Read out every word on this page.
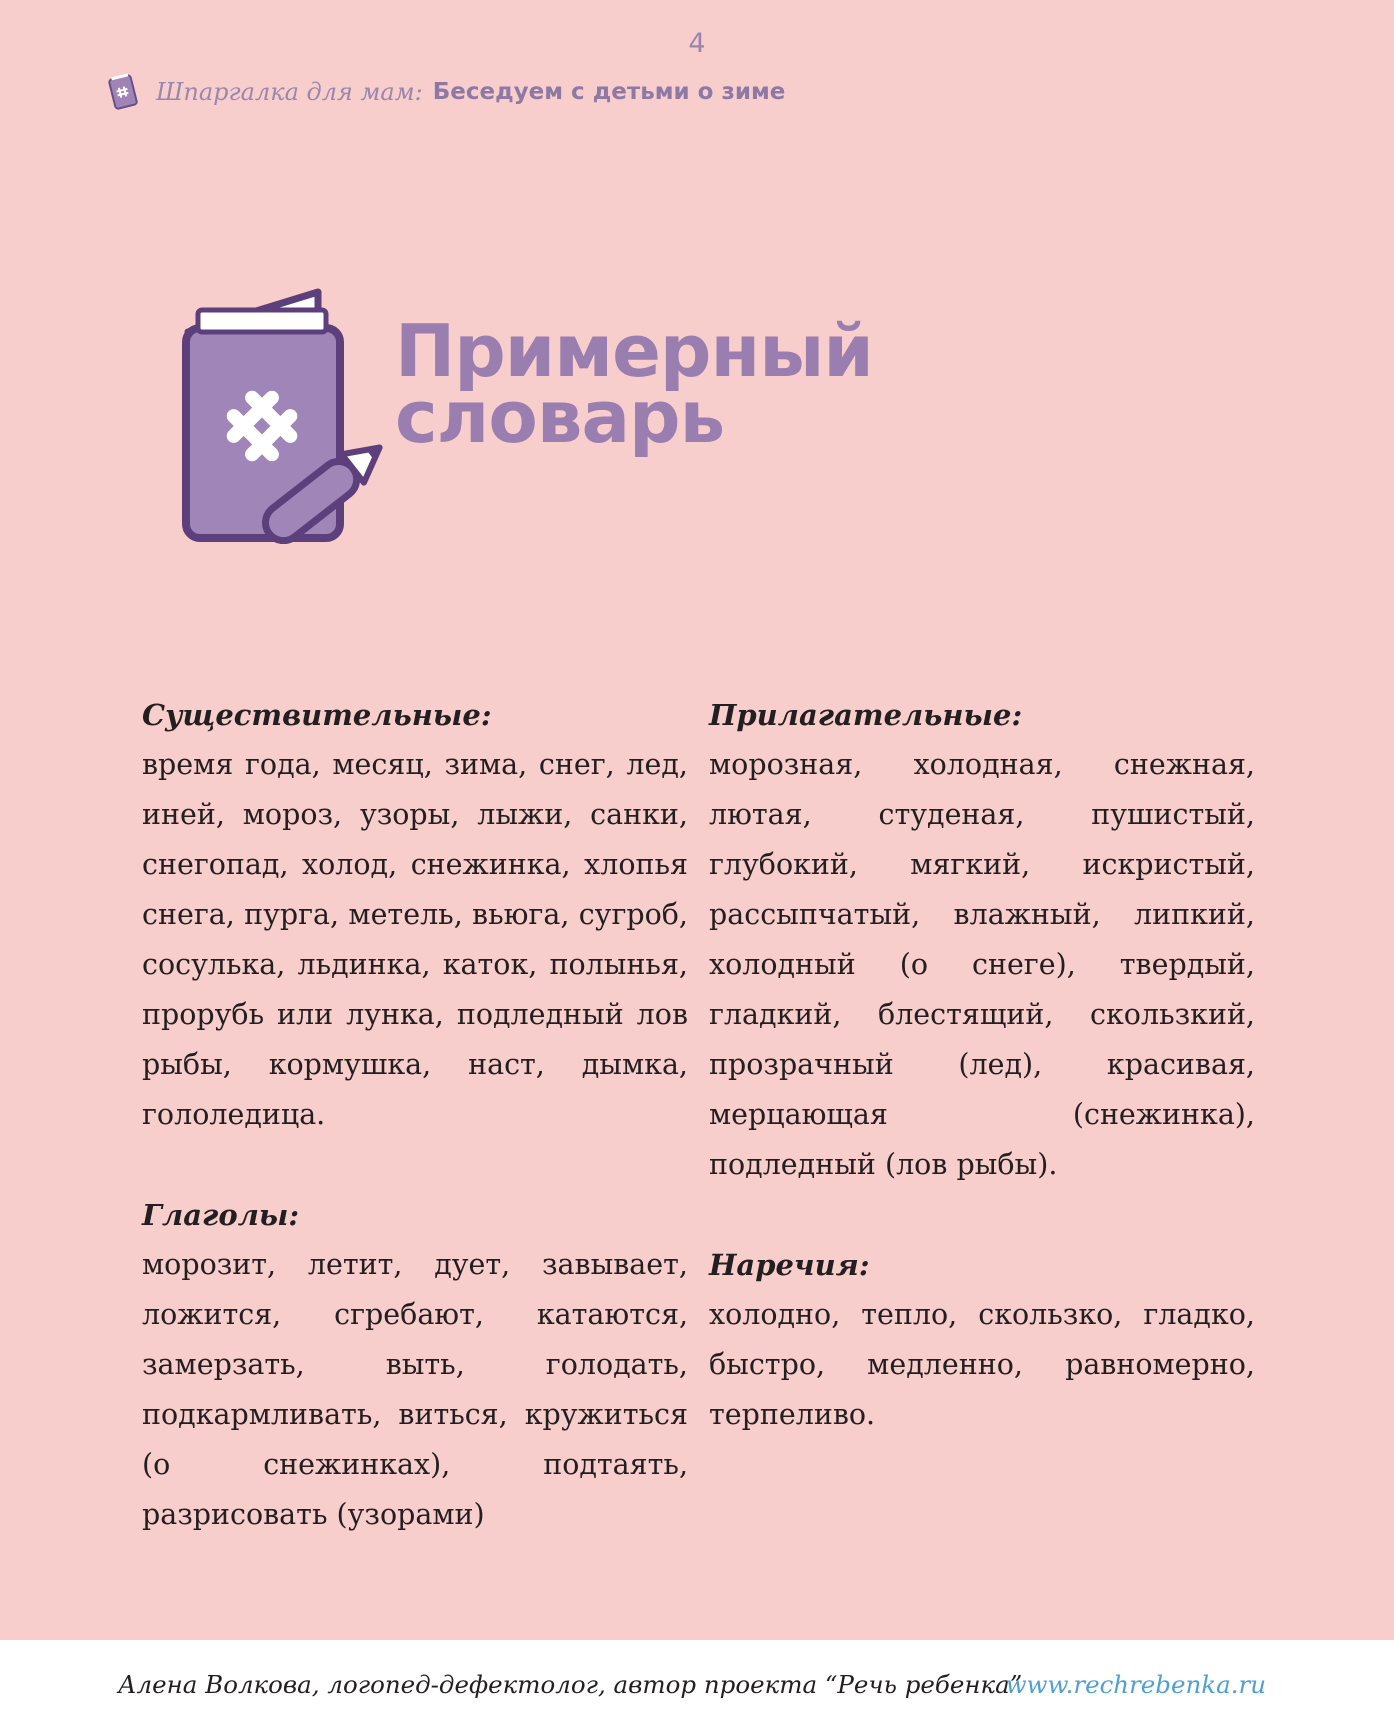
4
Шпаргалка для мам: Беседуем с детьми о зиме
Примерный
словарь

Существительные:

время года, месяц, зима, снег, лед, иней, мороз, узоры, лыжи, санки, снегопад, холод, снежинка, хлопья снега, пурга, метель, вьюга, сугроб, сосулька, льдинка, каток, полынья, прорубь или лунка, подледный лов рыбы, кормушка, наст, дымка, гололедица.

Глаголы:

морозит, летит, дует, завывает, ложится, сгребают, катаются, замерзать, выть, голодать, подкармливать, виться, кружиться (о снежинках), подтаять, разрисовать (узорами)

Прилагательные:

морозная, холодная, снежная, лютая, студеная, пушистый, глубокий, мягкий, искристый, рассыпчатый, влажный, липкий, холодный (о снеге), твердый, гладкий, блестящий, скользкий, прозрачный (лед), красивая, мерцающая (снежинка), подледный (лов рыбы).

Наречия:

холодно, тепло, скользко, гладко, быстро, медленно, равномерно, терпеливо.

Алена Волкова, логопед-дефектолог, автор проекта “Речь ребенка”
www.rechrebenka.ru
